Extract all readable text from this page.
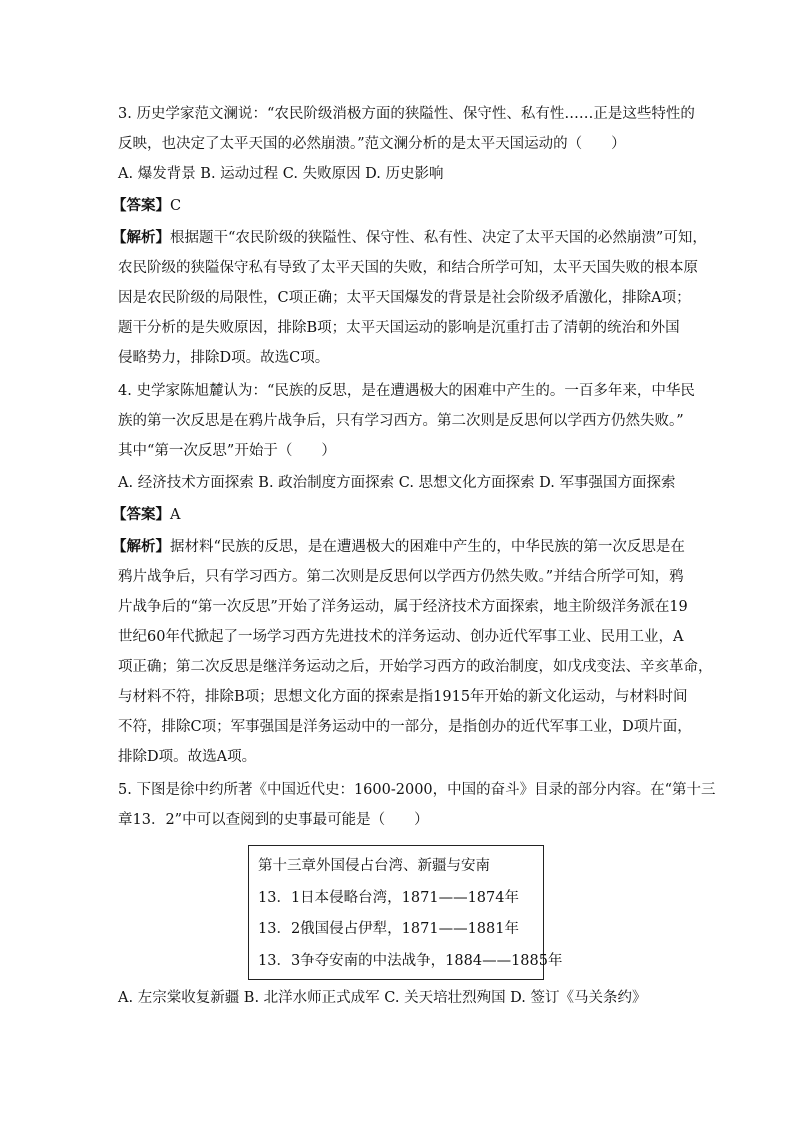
3. 历史学家范文澜说：“农民阶级消极方面的狭隘性、保守性、私有性……正是这些特性的
反映，也决定了太平天国的必然崩溃。”范文澜分析的是太平天国运动的（　　）
A. 爆发背景 B. 运动过程 C. 失败原因 D. 历史影响
【答案】C
【解析】根据题干“农民阶级的狭隘性、保守性、私有性、决定了太平天国的必然崩溃”可知，
农民阶级的狭隘保守私有导致了太平天国的失败，和结合所学可知，太平天国失败的根本原
因是农民阶级的局限性，C项正确；太平天国爆发的背景是社会阶级矛盾激化，排除A项；
题干分析的是失败原因，排除B项；太平天国运动的影响是沉重打击了清朝的统治和外国
侵略势力，排除D项。故选C项。
4. 史学家陈旭麓认为：“民族的反思，是在遭遇极大的困难中产生的。一百多年来，中华民
族的第一次反思是在鸦片战争后，只有学习西方。第二次则是反思何以学西方仍然失败。”
其中“第一次反思”开始于（　　）
A. 经济技术方面探索 B. 政治制度方面探索 C. 思想文化方面探索 D. 军事强国方面探索
【答案】A
【解析】据材料“民族的反思，是在遭遇极大的困难中产生的，中华民族的第一次反思是在
鸦片战争后，只有学习西方。第二次则是反思何以学西方仍然失败。”并结合所学可知，鸦
片战争后的“第一次反思”开始了洋务运动，属于经济技术方面探索，地主阶级洋务派在19
世纪60年代掀起了一场学习西方先进技术的洋务运动、创办近代军事工业、民用工业，A
项正确；第二次反思是继洋务运动之后，开始学习西方的政治制度，如戊戌变法、辛亥革命，
与材料不符，排除B项；思想文化方面的探索是指1915年开始的新文化运动，与材料时间
不符，排除C项；军事强国是洋务运动中的一部分，是指创办的近代军事工业，D项片面，
排除D项。故选A项。
5. 下图是徐中约所著《中国近代史：1600-2000，中国的奋斗》目录的部分内容。在“第十三
章13．2”中可以查阅到的史事最可能是（　　）
第十三章外国侵占台湾、新疆与安南
13．1日本侵略台湾，1871——1874年
13．2俄国侵占伊犁，1871——1881年
13．3争夺安南的中法战争，1884——1885年
A. 左宗棠收复新疆 B. 北洋水师正式成军 C. 关天培壮烈殉国 D. 签订《马关条约》
